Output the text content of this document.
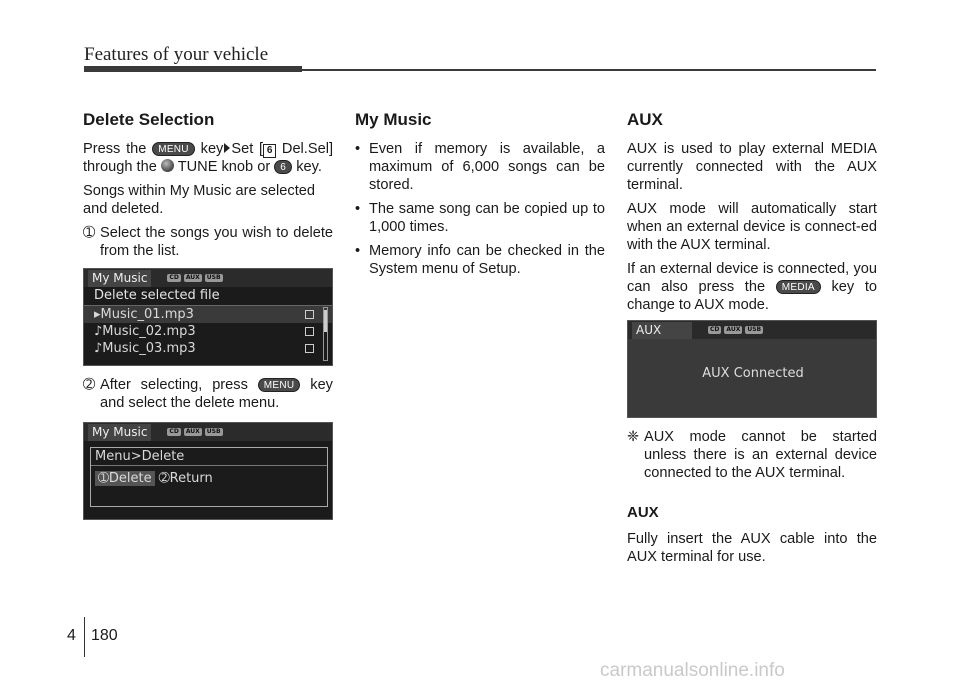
Features of your vehicle
Delete Selection

Press the MENU key Set [ 6 Del.Sel] through the TUNE knob or 6 key.

Songs within My Music are selected and deleted.

➀ Select the songs you wish to delete from the list.
My Music	CD	AUX	USB
Delete selected file
▸Music_01.mp3
♪Music_02.mp3
♪Music_03.mp3
➁ After selecting, press MENU key and select the delete menu.
My Music	CD	AUX	USB
Menu>Delete
➀Delete ➁Return
My Music
• Even if memory is available, a maximum of 6,000 songs can be stored.
• The same song can be copied up to 1,000 times.
• Memory info can be checked in the System menu of Setup.
AUX

AUX is used to play external MEDIA currently connected with the AUX terminal.

AUX mode will automatically start when an external device is connect-ed with the AUX terminal.

If an external device is connected, you can also press the MEDIA key to change to AUX mode.

AUX	CD	AUX	USB
AUX Connected
❈ AUX mode cannot be started unless there is an external device connected to the AUX terminal.
AUX

Fully insert the AUX cable into the AUX terminal for use.

4 180
carmanualsonline.info
